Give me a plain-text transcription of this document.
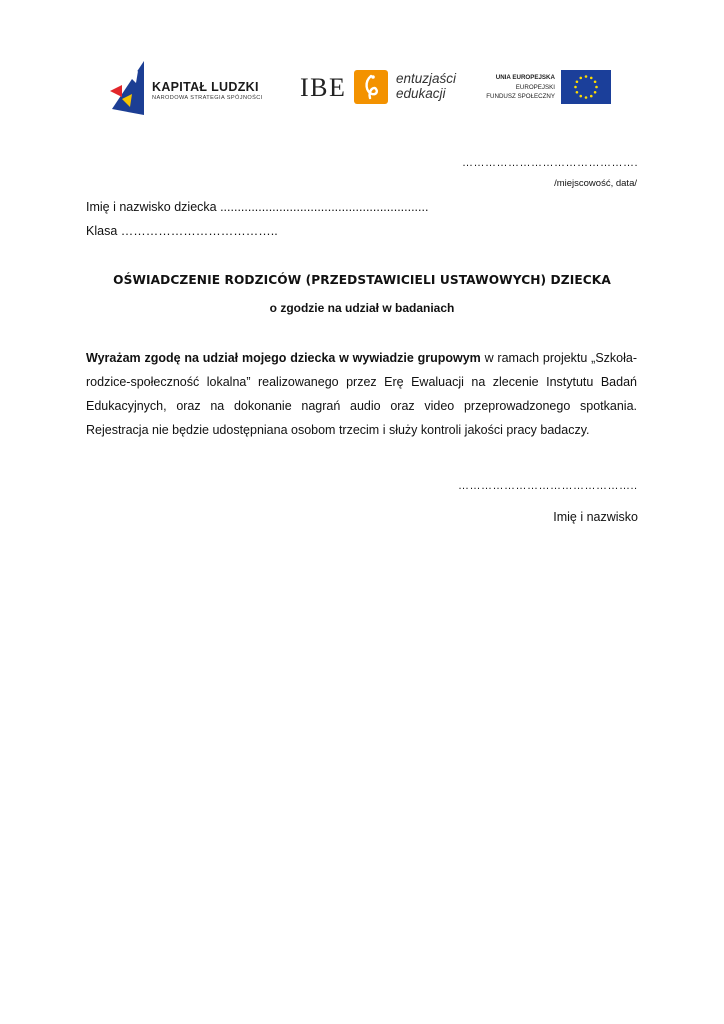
KAPITAŁ LUDZKI
NARODOWA STRATEGIA SPÓJNOŚCI IBE	entuzjaści
edukacji
UNIA EUROPEJSKA
EUROPEJSKI
FUNDUSZ SPOŁECZNY
……………………………………….
/miejscowość, data/
Imię i nazwisko dziecka ............................................................
Klasa ………………………………..
OŚWIADCZENIE RODZICÓW (PRZEDSTAWICIELI USTAWOWYCH) DZIECKA
o zgodzie na udział w badaniach
Wyrażam zgodę na udział mojego dziecka w wywiadzie grupowym w ramach projektu „Szkoła-rodzice-społeczność lokalna” realizowanego przez Erę Ewaluacji na zlecenie Instytutu Badań Edukacyjnych, oraz na dokonanie nagrań audio oraz video przeprowadzonego spotkania. Rejestracja nie będzie udostępniana osobom trzecim i służy kontroli jakości pracy badaczy.
………………………………………..
Imię i nazwisko
